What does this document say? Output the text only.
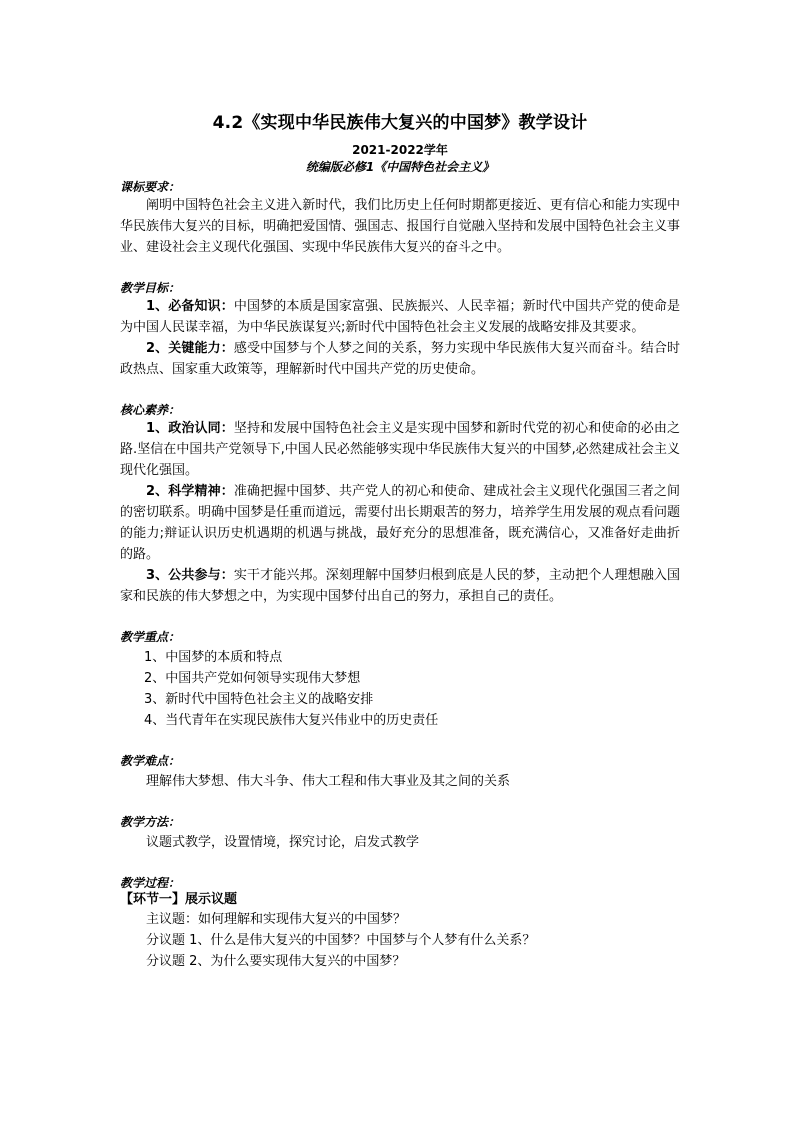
4.2《实现中华民族伟大复兴的中国梦》教学设计

2021-2022学年

统编版必修1《中国特色社会主义》

课标要求：

阐明中国特色社会主义进入新时代，我们比历史上任何时期都更接近、更有信心和能力实现中华民族伟大复兴的目标，明确把爱国情、强国志、报国行自觉融入坚持和发展中国特色社会主义事业、建设社会主义现代化强国、实现中华民族伟大复兴的奋斗之中。

教学目标：

1、必备知识：中国梦的本质是国家富强、民族振兴、人民幸福；新时代中国共产党的使命是为中国人民谋幸福，为中华民族谋复兴;新时代中国特色社会主义发展的战略安排及其要求。

2、关键能力：感受中国梦与个人梦之间的关系，努力实现中华民族伟大复兴而奋斗。结合时政热点、国家重大政策等，理解新时代中国共产党的历史使命。

核心素养：

1、政治认同：坚持和发展中国特色社会主义是实现中国梦和新时代党的初心和使命的必由之路.坚信在中国共产党领导下,中国人民必然能够实现中华民族伟大复兴的中国梦,必然建成社会主义现代化强国。

2、科学精神：准确把握中国梦、共产党人的初心和使命、建成社会主义现代化强国三者之间的密切联系。明确中国梦是任重而道远，需要付出长期艰苦的努力，培养学生用发展的观点看问题的能力;辩证认识历史机遇期的机遇与挑战，最好充分的思想准备，既充满信心，又准备好走曲折的路。

3、公共参与：实干才能兴邦。深刻理解中国梦归根到底是人民的梦，主动把个人理想融入国家和民族的伟大梦想之中，为实现中国梦付出自己的努力，承担自己的责任。

教学重点：

1、中国梦的本质和特点
2、中国共产党如何领导实现伟大梦想
3、新时代中国特色社会主义的战略安排
4、当代青年在实现民族伟大复兴伟业中的历史责任

教学难点：

理解伟大梦想、伟大斗争、伟大工程和伟大事业及其之间的关系

教学方法：

议题式教学，设置情境，探究讨论，启发式教学

教学过程：

【环节一】展示议题

主议题：如何理解和实现伟大复兴的中国梦？

分议题 1、什么是伟大复兴的中国梦？中国梦与个人梦有什么关系？

分议题 2、为什么要实现伟大复兴的中国梦？
